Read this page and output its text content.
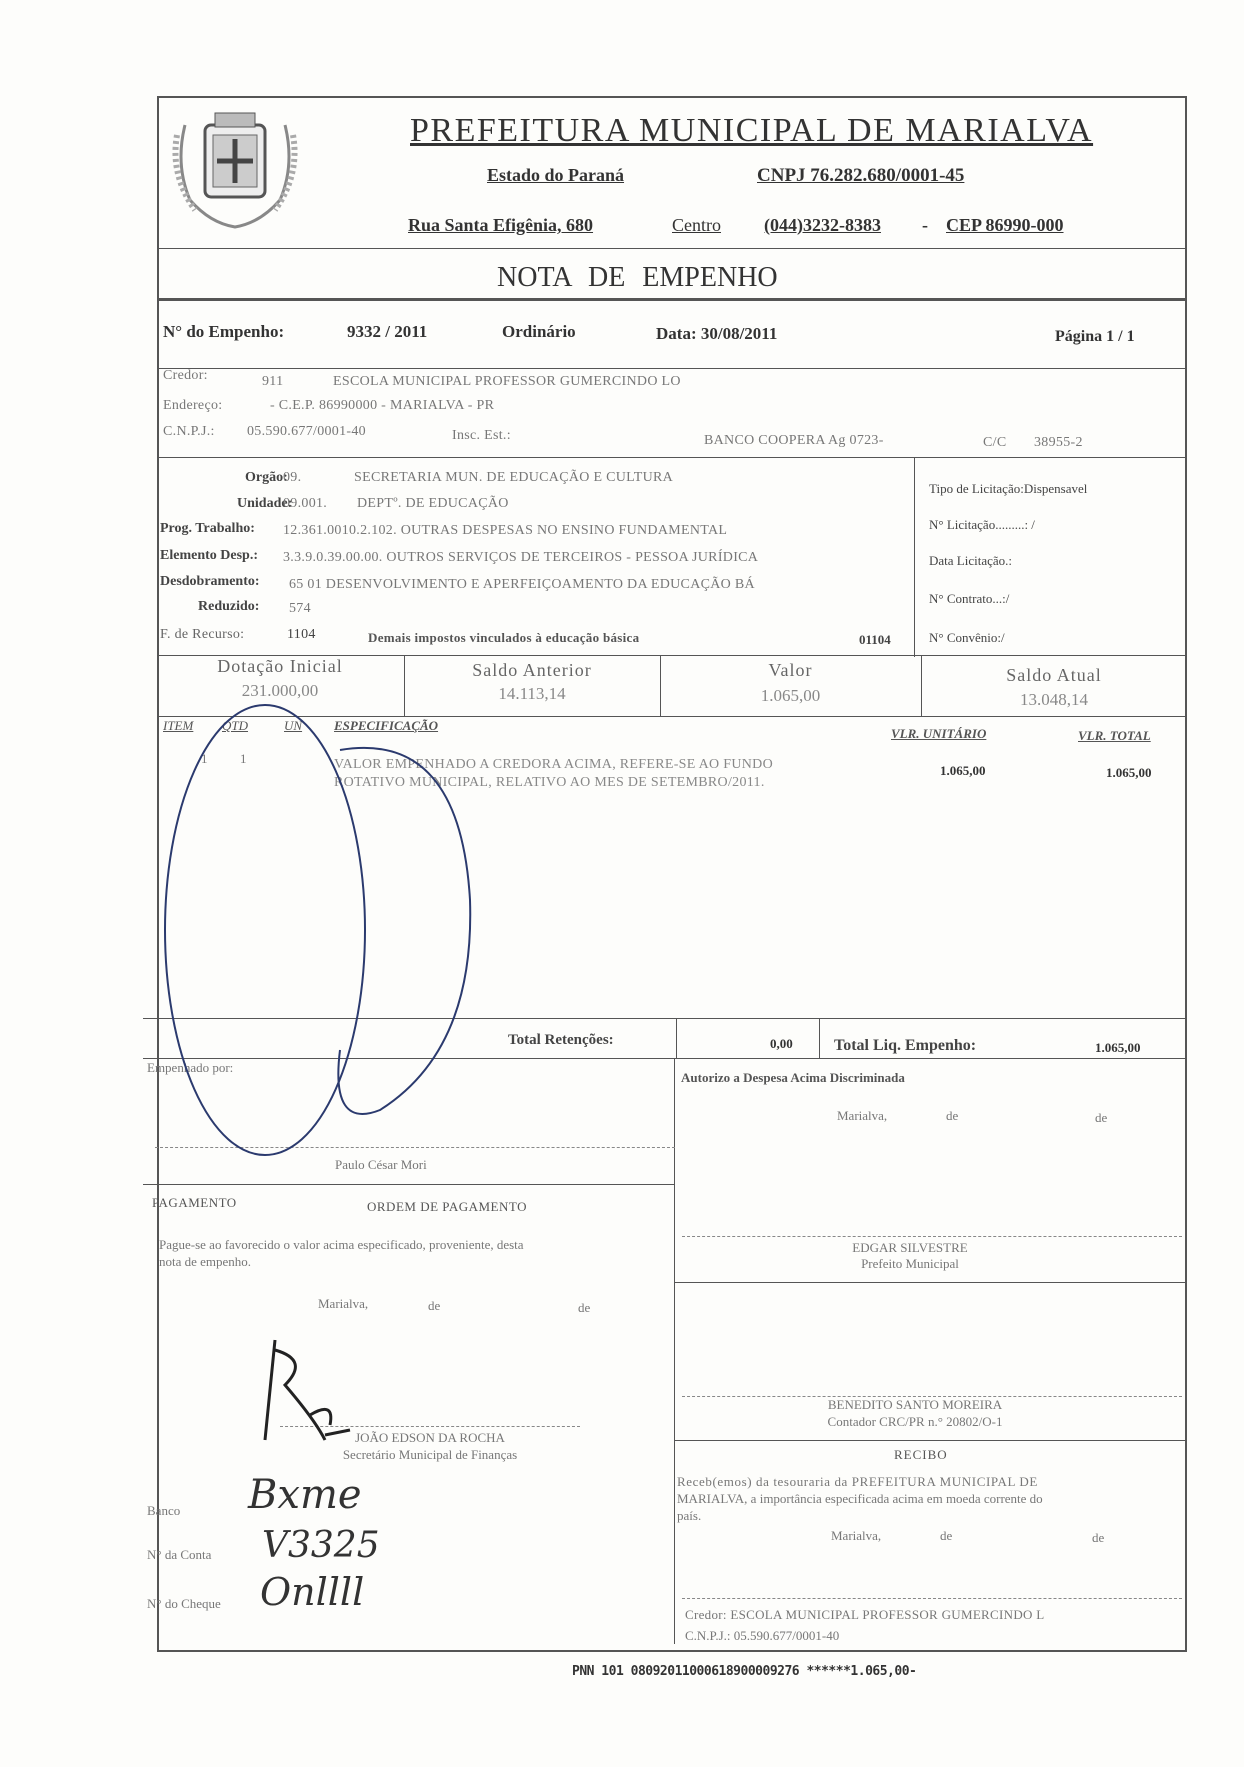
PREFEITURA MUNICIPAL DE MARIALVA
Estado do Paraná	CNPJ 76.282.680/0001-45
Rua Santa Efigênia, 680	Centro (044)3232-8383 - CEP 86990-000
NOTA DE EMPENHO
N° do Empenho:	9332 / 2011	Ordinário	Data: 30/08/2011	Página 1 / 1
Credor:	911	ESCOLA MUNICIPAL PROFESSOR GUMERCINDO LO
Endereço:	- C.E.P. 86990000 - MARIALVA - PR
C.N.P.J.: 05.590.677/0001-40	Insc. Est.:	BANCO COOPERA Ag 0723-	C/C 38955-2
Orgão:
09.	SECRETARIA MUN. DE EDUCAÇÃO E CULTURA
Unidade:
09.001. DEPTº. DE EDUCAÇÃO
Prog. Trabalho: 12.361.0010.2.102. OUTRAS DESPESAS NO ENSINO FUNDAMENTAL
Elemento Desp.: 3.3.9.0.39.00.00. OUTROS SERVIÇOS DE TERCEIROS - PESSOA JURÍDICA
Desdobramento: 65 01 DESENVOLVIMENTO E APERFEIÇOAMENTO DA EDUCAÇÃO BÁ
Reduzido: 574
F. de Recurso:	1104	Demais impostos vinculados à educação básica	01104
Tipo de Licitação:Dispensavel
N° Licitação.........: /
Data Licitação.:
N° Contrato...:/
N° Convênio:/
Dotação Inicial
231.000,00
Saldo Anterior
14.113,14
Valor
1.065,00
Saldo Atual
13.048,14
ITEM QTD	UN ESPECIFICAÇÃO
VLR. UNITÁRIO	VLR. TOTAL
1	1	VALOR EMPENHADO A CREDORA ACIMA, REFERE-SE AO FUNDO
ROTATIVO MUNICIPAL, RELATIVO AO MES DE SETEMBRO/2011.
1.065,00	1.065,00
Total Retenções:	0,00	Total Liq. Empenho:	1.065,00
Empenhado por:
Paulo César Mori
Autorizo a Despesa Acima Discriminada
Marialva,	de	de
PAGAMENTO	ORDEM DE PAGAMENTO
Pague-se ao favorecido o valor acima especificado, proveniente, desta
nota de empenho.
Marialva,	de	de
EDGAR SILVESTRE
Prefeito Municipal
JOÃO EDSON DA ROCHA
Secretário Municipal de Finanças
BENEDITO SANTO MOREIRA
Contador CRC/PR n.° 20802/O-1
RECIBO
Receb(emos) da tesouraria da PREFEITURA MUNICIPAL DE
MARIALVA, a importância especificada acima em moeda corrente do
país.
Marialva,	de	de
Credor: ESCOLA MUNICIPAL PROFESSOR GUMERCINDO L
C.N.P.J.: 05.590.677/0001-40
Banco Bxme
N° da Conta V3325
N° do Cheque Onllll
PNN 101 08092011000618900009276 ******1.065,00-
